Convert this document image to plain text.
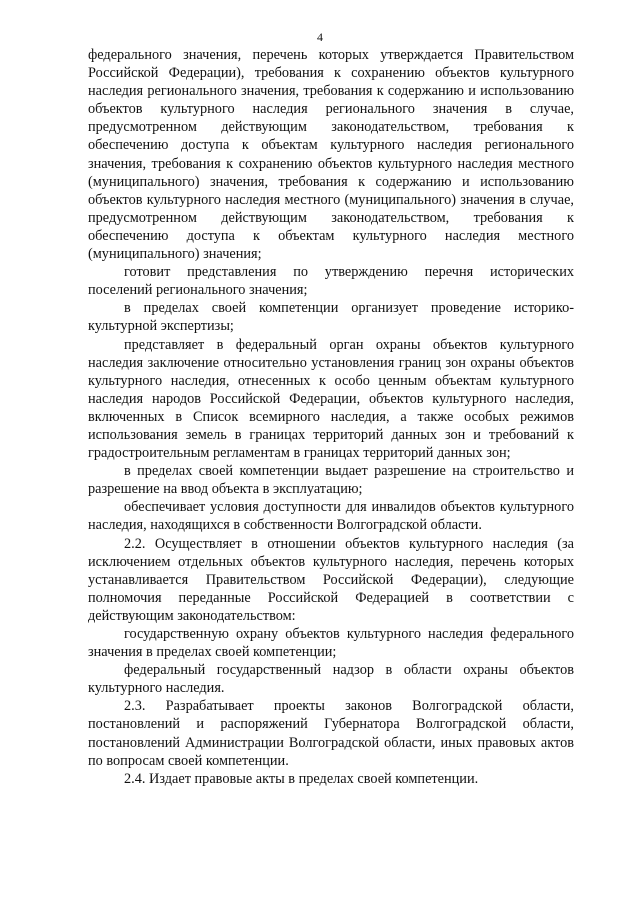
4

федерального значения, перечень которых утверждается Правительством Российской Федерации), требования к сохранению объектов культурного наследия регионального значения, требования к содержанию и использованию объектов культурного наследия регионального значения в случае, предусмотренном действующим законодательством, требования к обеспечению доступа к объектам культурного наследия регионального значения, требования к сохранению объектов культурного наследия местного (муниципального) значения, требования к содержанию и использованию объектов культурного наследия местного (муниципального) значения в случае, предусмотренном действующим законодательством, требования к обеспечению доступа к объектам культурного наследия местного (муниципального) значения;

готовит представления по утверждению перечня исторических поселений регионального значения;

в пределах своей компетенции организует проведение историко-культурной экспертизы;

представляет в федеральный орган охраны объектов культурного наследия заключение относительно установления границ зон охраны объектов культурного наследия, отнесенных к особо ценным объектам культурного наследия народов Российской Федерации, объектов культурного наследия, включенных в Список всемирного наследия, а также особых режимов использования земель в границах территорий данных зон и требований к градостроительным регламентам в границах территорий данных зон;

в пределах своей компетенции выдает разрешение на строительство и разрешение на ввод объекта в эксплуатацию;

обеспечивает условия доступности для инвалидов объектов культурного наследия, находящихся в собственности Волгоградской области.

2.2. Осуществляет в отношении объектов культурного наследия (за исключением отдельных объектов культурного наследия, перечень которых устанавливается Правительством Российской Федерации), следующие полномочия переданные Российской Федерацией в соответствии с действующим законодательством:

государственную охрану объектов культурного наследия федерального значения в пределах своей компетенции;

федеральный государственный надзор в области охраны объектов культурного наследия.

2.3. Разрабатывает проекты законов Волгоградской области, постановлений и распоряжений Губернатора Волгоградской области, постановлений Администрации Волгоградской области, иных правовых актов по вопросам своей компетенции.

2.4. Издает правовые акты в пределах своей компетенции.
